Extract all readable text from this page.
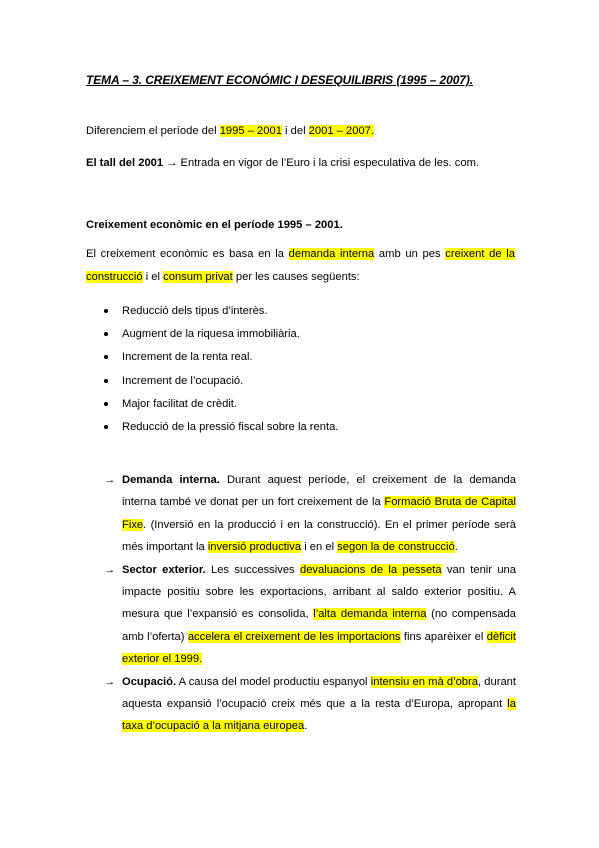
TEMA – 3. CREIXEMENT ECONÓMIC I DESEQUILIBRIS (1995 – 2007).
Diferenciem el període del 1995 – 2001 i del 2001 – 2007.
El tall del 2001 → Entrada en vigor de l’Euro i la crisi especulativa de les. com.
Creixement econòmic en el període 1995 – 2001.
El creixement econòmic es basa en la demanda interna amb un pes creixent de la construcció i el consum privat per les causes següents:
Reducció dels tipus d’interès.
Augment de la riquesa immobiliària.
Increment de la renta real.
Increment de l’ocupació.
Major facilitat de crèdit.
Reducció de la pressió fiscal sobre la renta.
→ Demanda interna. Durant aquest període, el creixement de la demanda interna també ve donat per un fort creixement de la Formació Bruta de Capital Fixe. (Inversió en la producció i en la construcció). En el primer període serà més important la inversió productiva i en el segon la de construcció.
→ Sector exterior. Les successives devaluacions de la pesseta van tenir una impacte positiu sobre les exportacions, arribant al saldo exterior positiu. A mesura que l’expansió es consolida, l’alta demanda interna (no compensada amb l’oferta) accelera el creixement de les importacions fins aparèixer el dèficit exterior el 1999.
→ Ocupació. A causa del model productiu espanyol intensiu en mà d’obra, durant aquesta expansió l’ocupació creix més que a la resta d’Europa, apropant la taxa d’ocupació a la mitjana europea.
